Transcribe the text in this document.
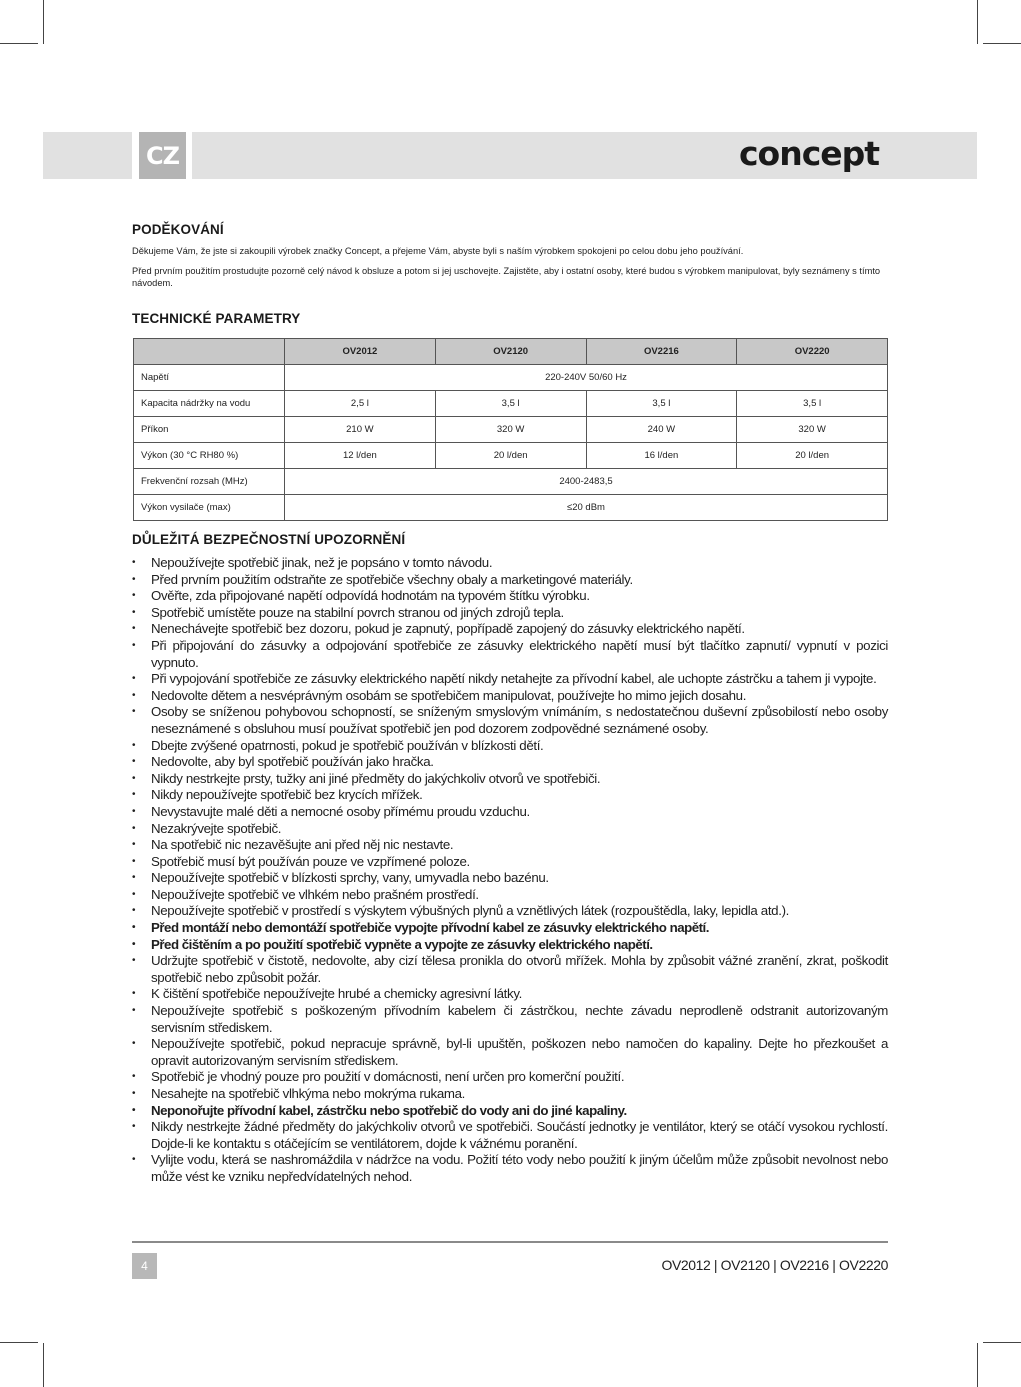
CZ	concept
PODĚKOVÁNÍ

Děkujeme Vám, že jste si zakoupili výrobek značky Concept, a přejeme Vám, abyste byli s naším výrobkem spokojeni po celou dobu jeho používání.

Před prvním použitím prostudujte pozorně celý návod k obsluze a potom si jej uschovejte. Zajistěte, aby i ostatní osoby, které budou s výrobkem manipulovat, byly seznámeny s tímto návodem.

TECHNICKÉ PARAMETRY
	OV2012	OV2120	OV2216	OV2220
Napětí	220-240V 50/60 Hz			
Kapacita nádržky na vodu	2,5 l	3,5 l	3,5 l	3,5 l
Příkon	210 W	320 W	240 W	320 W
Výkon (30 °C RH80 %)	12 l/den	20 l/den	16 l/den	20 l/den
Frekvenční rozsah (MHz)	2400-2483,5			
Výkon vysilače (max)	≤20 dBm			
DŮLEŽITÁ BEZPEČNOSTNÍ UPOZORNĚNÍ
• Nepoužívejte spotřebič jinak, než je popsáno v tomto návodu.
• Před prvním použitím odstraňte ze spotřebiče všechny obaly a marketingové materiály.
• Ověřte, zda připojované napětí odpovídá hodnotám na typovém štítku výrobku.
• Spotřebič umístěte pouze na stabilní povrch stranou od jiných zdrojů tepla.
• Nenechávejte spotřebič bez dozoru, pokud je zapnutý, popřípadě zapojený do zásuvky elektrického napětí.
• Při připojování do zásuvky a odpojování spotřebiče ze zásuvky elektrického napětí musí být tlačítko zapnutí/ vypnutí v pozici vypnuto.
• Při vypojování spotřebiče ze zásuvky elektrického napětí nikdy netahejte za přívodní kabel, ale uchopte zástrčku a tahem ji vypojte.
• Nedovolte dětem a nesvéprávným osobám se spotřebičem manipulovat, používejte ho mimo jejich dosahu.
• Osoby se sníženou pohybovou schopností, se sníženým smyslovým vnímáním, s nedostatečnou duševní způsobilostí nebo osoby neseznámené s obsluhou musí používat spotřebič jen pod dozorem zodpovědné seznámené osoby.
• Dbejte zvýšené opatrnosti, pokud je spotřebič používán v blízkosti dětí.
• Nedovolte, aby byl spotřebič používán jako hračka.
• Nikdy nestrkejte prsty, tužky ani jiné předměty do jakýchkoliv otvorů ve spotřebiči.
• Nikdy nepoužívejte spotřebič bez krycích mřížek.
• Nevystavujte malé děti a nemocné osoby přímému proudu vzduchu.
• Nezakrývejte spotřebič.
• Na spotřebič nic nezavěšujte ani před něj nic nestavte.
• Spotřebič musí být používán pouze ve vzpřímené poloze.
• Nepoužívejte spotřebič v blízkosti sprchy, vany, umyvadla nebo bazénu.
• Nepoužívejte spotřebič ve vlhkém nebo prašném prostředí.
• Nepoužívejte spotřebič v prostředí s výskytem výbušných plynů a vznětlivých látek (rozpouštědla, laky, lepidla atd.).
• Před montáží nebo demontáží spotřebiče vypojte přívodní kabel ze zásuvky elektrického napětí.
• Před čištěním a po použití spotřebič vypněte a vypojte ze zásuvky elektrického napětí.
• Udržujte spotřebič v čistotě, nedovolte, aby cizí tělesa pronikla do otvorů mřížek. Mohla by způsobit vážné zranění, zkrat, poškodit spotřebič nebo způsobit požár.
• K čištění spotřebiče nepoužívejte hrubé a chemicky agresivní látky.
• Nepoužívejte spotřebič s poškozeným přívodním kabelem či zástrčkou, nechte závadu neprodleně odstranit autorizovaným servisním střediskem.
• Nepoužívejte spotřebič, pokud nepracuje správně, byl-li upuštěn, poškozen nebo namočen do kapaliny. Dejte ho přezkoušet a opravit autorizovaným servisním střediskem.
• Spotřebič je vhodný pouze pro použití v domácnosti, není určen pro komerční použití.
• Nesahejte na spotřebič vlhkýma nebo mokrýma rukama.
• Neponořujte přívodní kabel, zástrčku nebo spotřebič do vody ani do jiné kapaliny.
• Nikdy nestrkejte žádné předměty do jakýchkoliv otvorů ve spotřebiči. Součástí jednotky je ventilátor, který se otáčí vysokou rychlostí. Dojde-li ke kontaktu s otáčejícím se ventilátorem, dojde k vážnému poranění.
• Vylijte vodu, která se nashromáždila v nádržce na vodu. Požití této vody nebo použití k jiným účelům může způsobit nevolnost nebo může vést ke vzniku nepředvídatelných nehod.
4	OV2012 | OV2120 | OV2216 | OV2220
